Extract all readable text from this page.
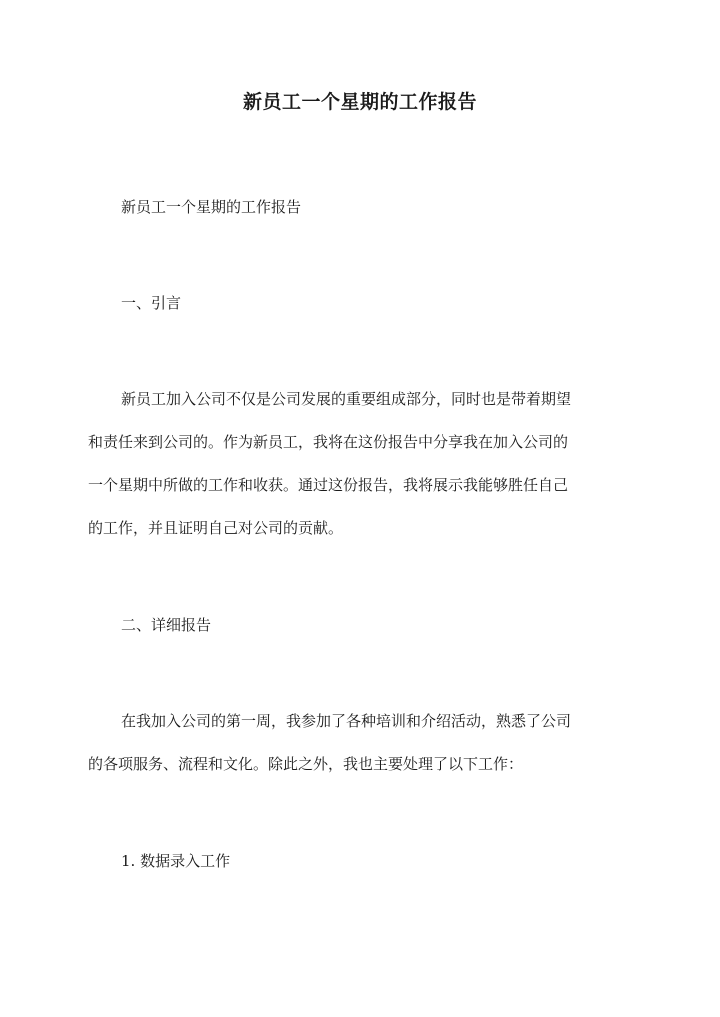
新员工一个星期的工作报告

新员工一个星期的工作报告

一、引言

新员工加入公司不仅是公司发展的重要组成部分，同时也是带着期望

和责任来到公司的。作为新员工，我将在这份报告中分享我在加入公司的

一个星期中所做的工作和收获。通过这份报告，我将展示我能够胜任自己

的工作，并且证明自己对公司的贡献。

二、详细报告

在我加入公司的第一周，我参加了各种培训和介绍活动，熟悉了公司

的各项服务、流程和文化。除此之外，我也主要处理了以下工作：

1. 数据录入工作
